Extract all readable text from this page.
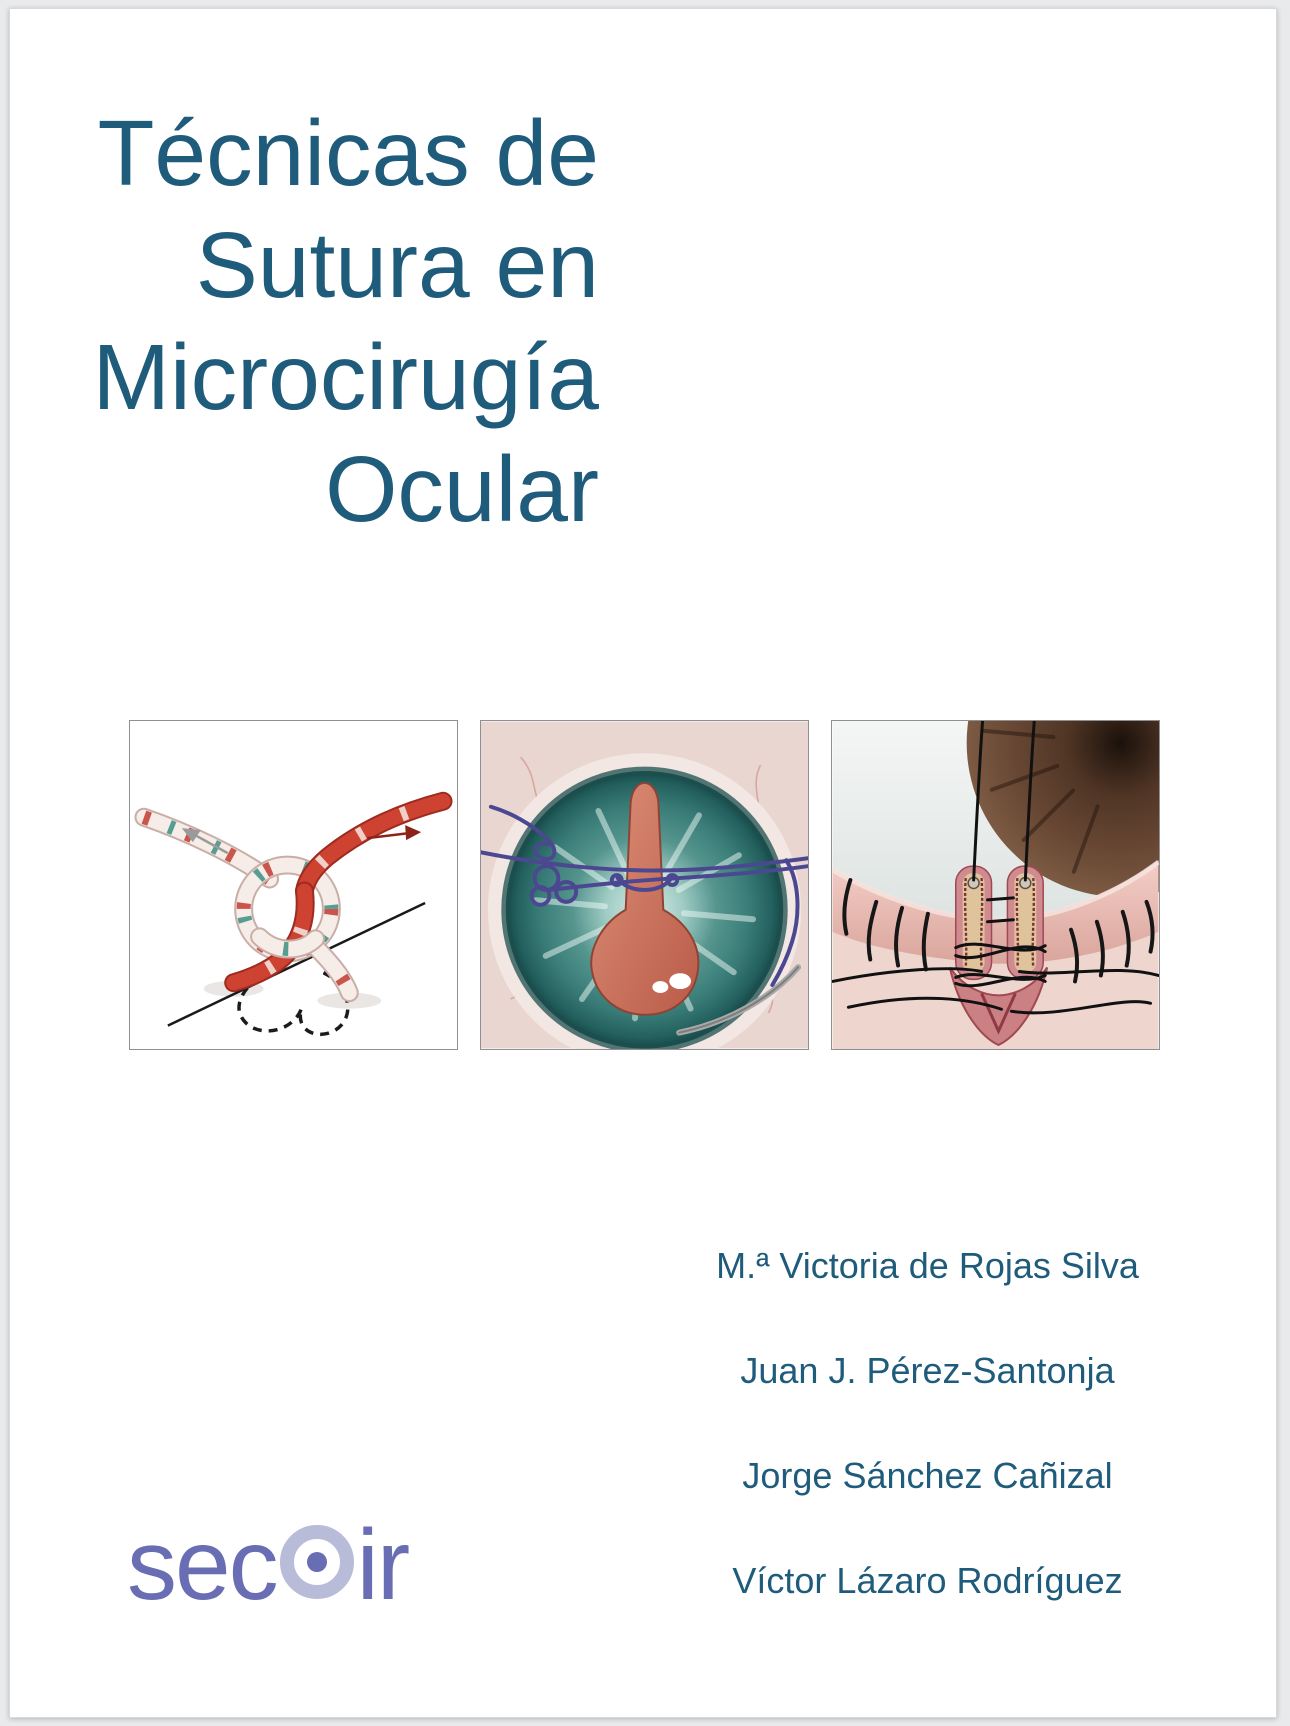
Técnicas de
Sutura en
Microcirugía
Ocular
M.ª Victoria de Rojas Silva
Juan J. Pérez-Santonja
Jorge Sánchez Cañizal
Víctor Lázaro Rodríguez
sec ir
